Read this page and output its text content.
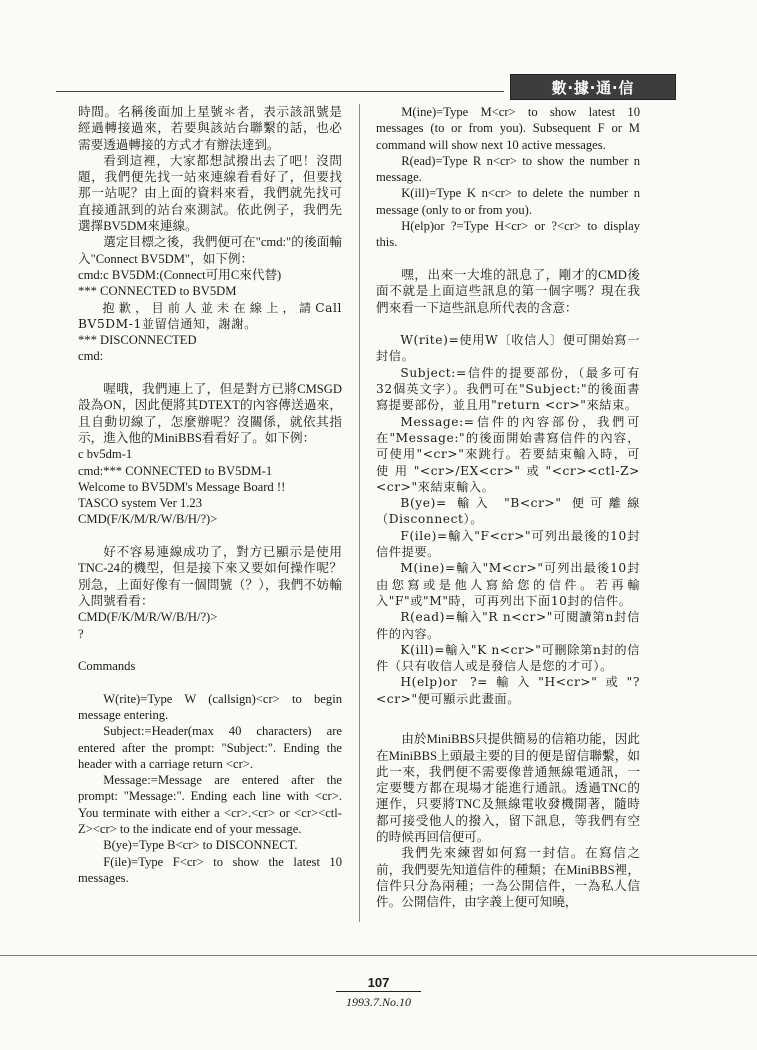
數‧據‧通‧信

時間。名稱後面加上星號＊者，表示該訊號是經過轉接過來，若要與該站台聯繫的話，也必需要透過轉接的方式才有辦法達到。

看到這裡，大家都想試撥出去了吧！沒問題，我們便先找一站來連線看看好了，但要找那一站呢？由上面的資料來看，我們就先找可直接通訊到的站台來測試。依此例子，我們先選擇BV5DM來連線。

選定目標之後，我們便可在"cmd:"的後面輸入"Connect BV5DM"，如下例：

cmd:c BV5DM:(Connect可用C來代替)

*** CONNECTED to BV5DM

抱歉，目前人並未在線上，請Call BV5DM-1並留信通知，謝謝。

*** DISCONNECTED

cmd:

喔哦，我們連上了，但是對方已將CMSGD設為ON，因此便將其DTEXT的內容傳送過來，且自動切線了，怎麼辦呢？沒關係，就依其指示，進入他的MiniBBS看看好了。如下例：

c bv5dm-1

cmd:*** CONNECTED to BV5DM-1

Welcome to BV5DM's Message Board !!

TASCO system Ver 1.23

CMD(F/K/M/R/W/B/H/?)>

好不容易連線成功了，對方已顯示是使用TNC-24的機型，但是接下來又要如何操作呢？別急，上面好像有一個問號（？），我們不妨輸入問號看看：

CMD(F/K/M/R/W/B/H/?)>

?

Commands

W(rite)=Type W (callsign)<cr> to begin message entering.

Subject:=Header(max 40 characters) are entered after the prompt: "Subject:". Ending the header with a carriage return <cr>.

Message:=Message are entered after the prompt: "Message:". Ending each line with <cr>. You terminate with either a <cr>.<cr> or <cr><ctl-Z><cr> to the indicate end of your message.

B(ye)=Type B<cr> to DISCONNECT.

F(ile)=Type F<cr> to show the latest 10 messages.

M(ine)=Type M<cr> to show latest 10 messages (to or from you). Subsequent F or M command will show next 10 active messages.

R(ead)=Type R n<cr> to show the number n message.

K(ill)=Type K n<cr> to delete the number n message (only to or from you).

H(elp)or ?=Type H<cr> or ?<cr> to display this.

嘿，出來一大堆的訊息了，剛才的CMD後面不就是上面這些訊息的第一個字嗎？現在我們來看一下這些訊息所代表的含意：

W(rite)=使用W〔收信人〕便可開始寫一封信。

Subject:=信件的提要部份，（最多可有32個英文字）。我們可在"Subject:"的後面書寫提要部份，並且用"return <cr>"來結束。

Message:=信件的內容部份，我們可在"Message:"的後面開始書寫信件的內容，可使用"<cr>"來跳行。若要結束輸入時，可使用"<cr>/EX<cr>"或"<cr><ctl-Z><cr>"來結束輸入。

B(ye)= 輸入 "B<cr>" 便可離線（Disconnect）。

F(ile)=輸入"F<cr>"可列出最後的10封信件提要。

M(ine)=輸入"M<cr>"可列出最後10封由您寫或是他人寫給您的信件。若再輸入"F"或"M"時，可再列出下面10封的信件。

R(ead)=輸入"R n<cr>"可閱讀第n封信件的內容。

K(ill)=輸入"K n<cr>"可刪除第n封的信件（只有收信人或是發信人是您的才可）。

H(elp)or ?=輸入"H<cr>"或"?<cr>"便可顯示此畫面。

由於MiniBBS只提供簡易的信箱功能，因此在MiniBBS上頭最主要的目的便是留信聯繫，如此一來，我們便不需要像普通無線電通訊，一定要雙方都在現場才能進行通訊。透過TNC的運作，只要將TNC及無線電收發機開著，隨時都可接受他人的撥入，留下訊息，等我們有空的時候再回信便可。

我們先來練習如何寫一封信。在寫信之前，我們要先知道信件的種類；在MiniBBS裡，信件只分為兩種；一為公開信件，一為私人信件。公開信件，由字義上便可知曉，

107
1993.7.No.10
